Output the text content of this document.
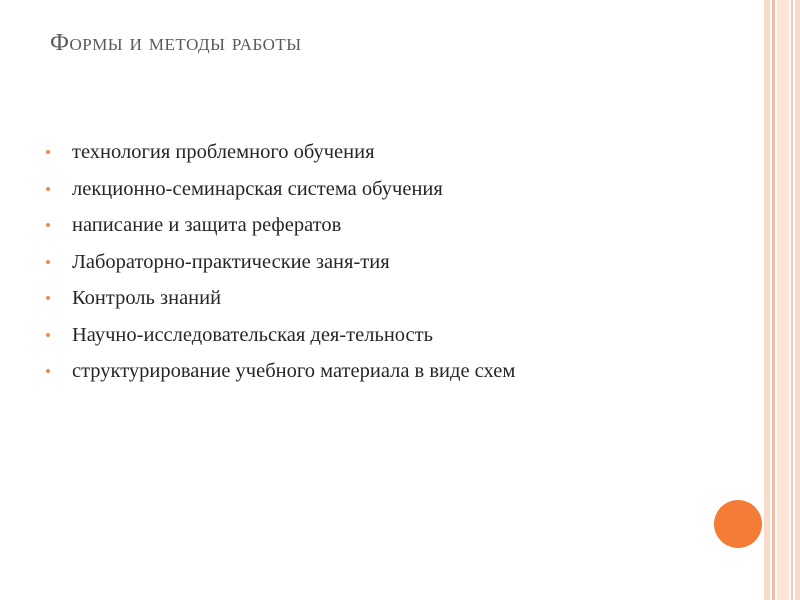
Формы и методы работы
технология проблемного обучения
лекционно-семинарская система обучения
написание и защита рефератов
Лабораторно-практические заня-тия
Контроль знаний
Научно-исследовательская дея-тельность
структурирование учебного материала в виде схем
